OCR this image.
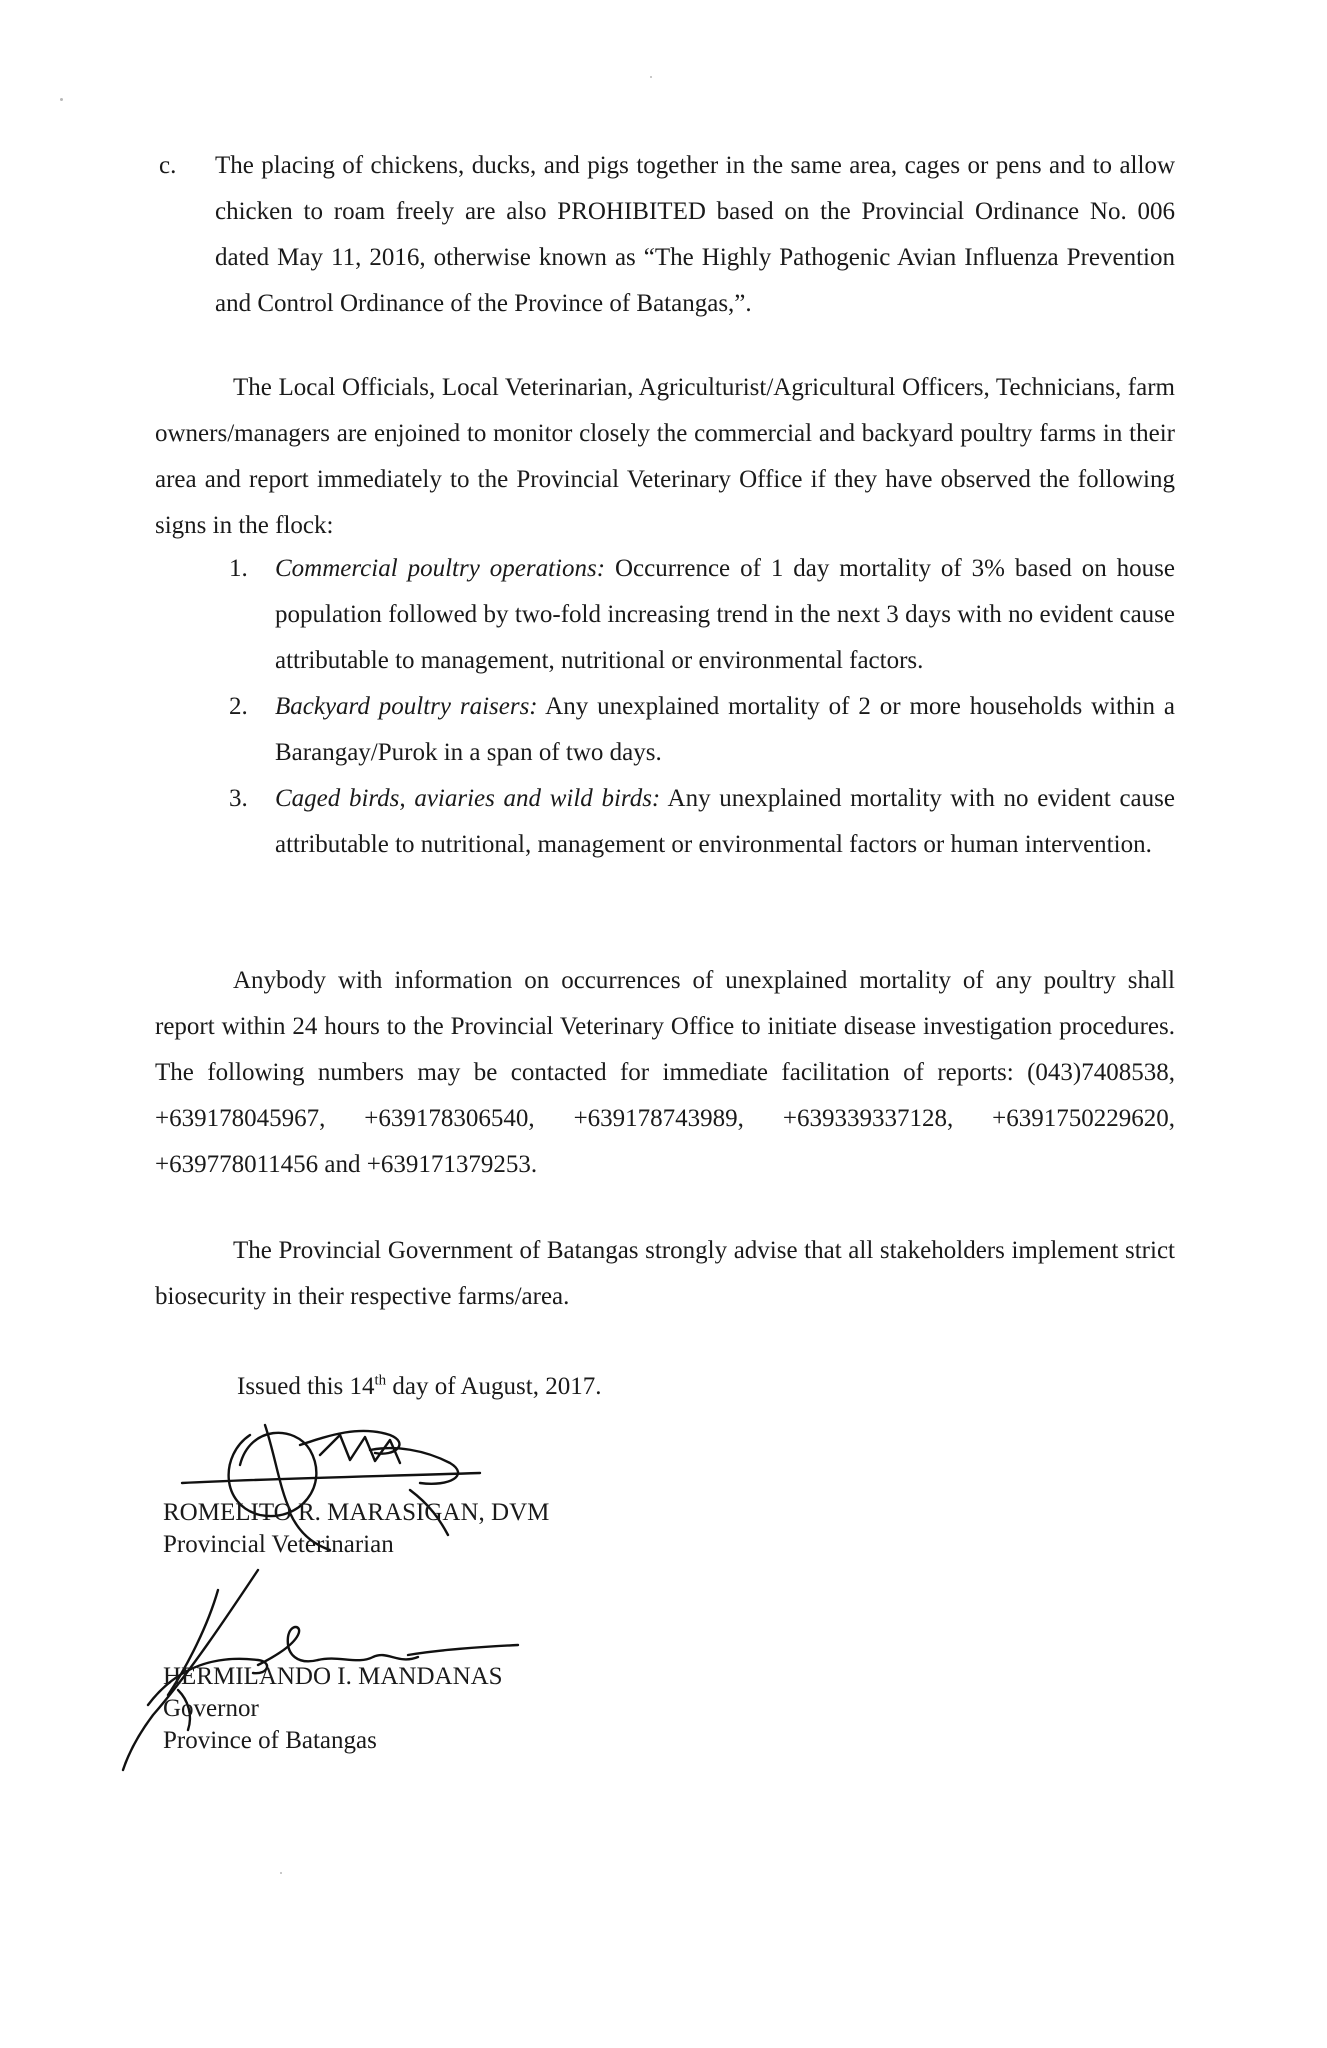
c. The placing of chickens, ducks, and pigs together in the same area, cages or pens and to allow chicken to roam freely are also PROHIBITED based on the Provincial Ordinance No. 006 dated May 11, 2016, otherwise known as “The Highly Pathogenic Avian Influenza Prevention and Control Ordinance of the Province of Batangas,”.
The Local Officials, Local Veterinarian, Agriculturist/Agricultural Officers, Technicians, farm owners/managers are enjoined to monitor closely the commercial and backyard poultry farms in their area and report immediately to the Provincial Veterinary Office if they have observed the following signs in the flock:
1. Commercial poultry operations: Occurrence of 1 day mortality of 3% based on house population followed by two-fold increasing trend in the next 3 days with no evident cause attributable to management, nutritional or environmental factors.
2. Backyard poultry raisers: Any unexplained mortality of 2 or more households within a Barangay/Purok in a span of two days.
3. Caged birds, aviaries and wild birds: Any unexplained mortality with no evident cause attributable to nutritional, management or environmental factors or human intervention.
Anybody with information on occurrences of unexplained mortality of any poultry shall report within 24 hours to the Provincial Veterinary Office to initiate disease investigation procedures. The following numbers may be contacted for immediate facilitation of reports: (043)7408538, +639178045967, +639178306540, +639178743989, +639339337128, +6391750229620, +639778011456 and +639171379253.
The Provincial Government of Batangas strongly advise that all stakeholders implement strict biosecurity in their respective farms/area.
Issued this 14th day of August, 2017.
ROMELITO R. MARASIGAN, DVM
Provincial Veterinarian
HERMILANDO I. MANDANAS
Governor
Province of Batangas
